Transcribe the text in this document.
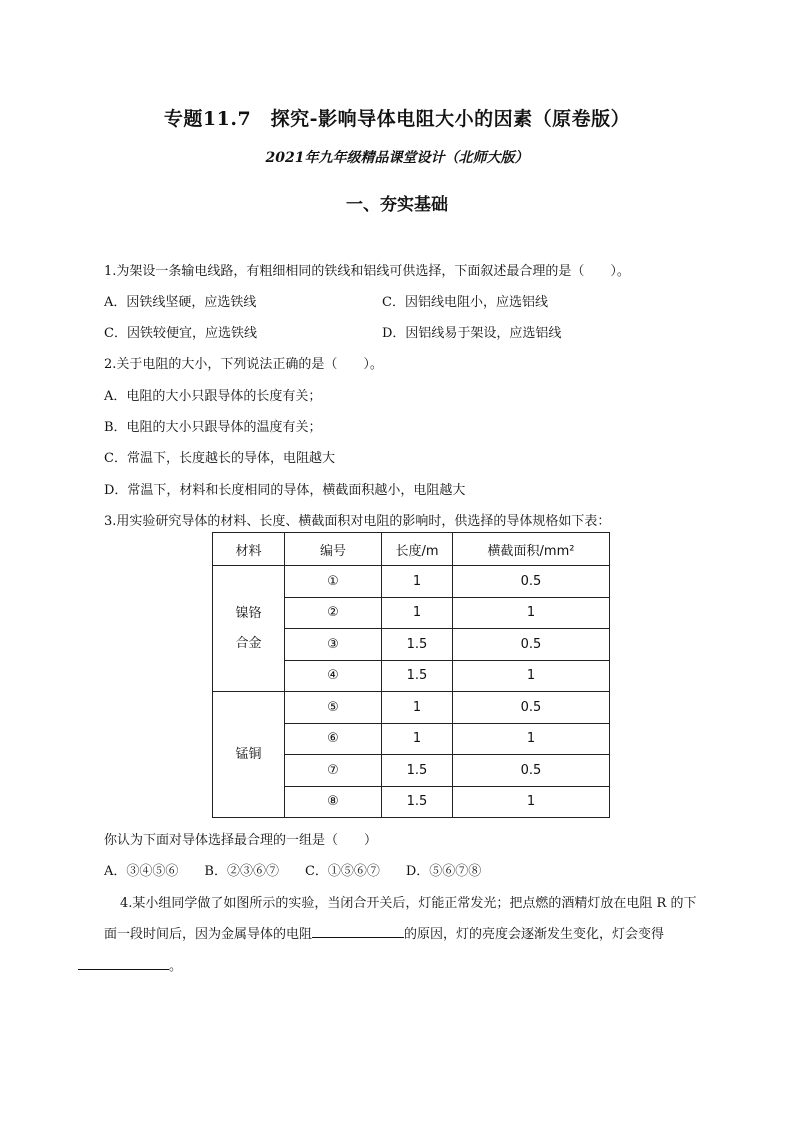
专题11.7　探究-影响导体电阻大小的因素（原卷版）
2021年九年级精品课堂设计（北师大版）
一、夯实基础
1.为架设一条输电线路，有粗细相同的铁线和铝线可供选择，下面叙述最合理的是（　　）。
A．因铁线坚硬，应选铁线	C．因铝线电阻小，应选铝线
C．因铁较便宜，应选铁线	D．因铝线易于架设，应选铝线
2.关于电阻的大小，下列说法正确的是（　　）。
A．电阻的大小只跟导体的长度有关；
B．电阻的大小只跟导体的温度有关；
C．常温下，长度越长的导体，电阻越大
D．常温下，材料和长度相同的导体，横截面积越小，电阻越大
3.用实验研究导体的材料、长度、横截面积对电阻的影响时，供选择的导体规格如下表：
材料	编号	长度/m	横截面积/mm²

镍铬
合金	①	1	0.5
	②	1	1
	③	1.5	0.5
	④	1.5	1

锰铜	⑤	1	0.5
	⑥	1	1
	⑦	1.5	0.5
	⑧	1.5	1
你认为下面对导体选择最合理的一组是（　　）
A．③④⑤⑥　　B．②③⑥⑦　　C．①⑤⑥⑦　　D．⑤⑥⑦⑧
4.某小组同学做了如图所示的实验，当闭合开关后，灯能正常发光；把点燃的酒精灯放在电阻 R 的下
面一段时间后，因为金属导体的电阻	的原因，灯的亮度会逐渐发生变化，灯会变得
。
